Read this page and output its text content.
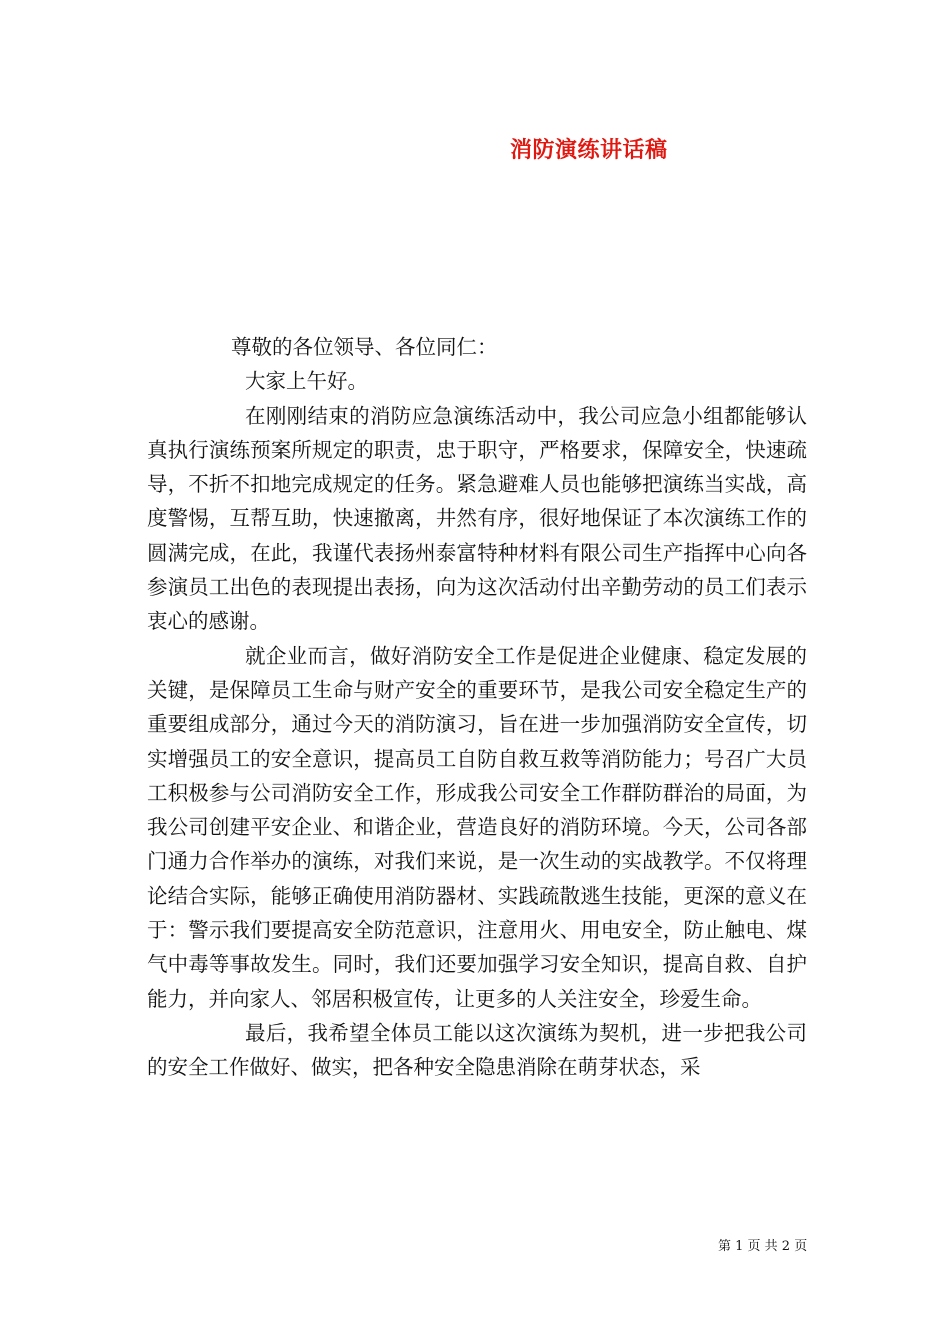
消防演练讲话稿

尊敬的各位领导、各位同仁：

大家上午好。

在刚刚结束的消防应急演练活动中，我公司应急小组都能够认真执行演练预案所规定的职责，忠于职守，严格要求，保障安全，快速疏导，不折不扣地完成规定的任务。紧急避难人员也能够把演练当实战，高度警惕，互帮互助，快速撤离，井然有序，很好地保证了本次演练工作的圆满完成，在此，我谨代表扬州泰富特种材料有限公司生产指挥中心向各参演员工出色的表现提出表扬，向为这次活动付出辛勤劳动的员工们表示衷心的感谢。

就企业而言，做好消防安全工作是促进企业健康、稳定发展的关键，是保障员工生命与财产安全的重要环节，是我公司安全稳定生产的重要组成部分，通过今天的消防演习，旨在进一步加强消防安全宣传，切实增强员工的安全意识，提高员工自防自救互救等消防能力；号召广大员工积极参与公司消防安全工作，形成我公司安全工作群防群治的局面，为我公司创建平安企业、和谐企业，营造良好的消防环境。今天，公司各部门通力合作举办的演练，对我们来说，是一次生动的实战教学。不仅将理论结合实际，能够正确使用消防器材、实践疏散逃生技能，更深的意义在于：警示我们要提高安全防范意识，注意用火、用电安全，防止触电、煤气中毒等事故发生。同时，我们还要加强学习安全知识，提高自救、自护能力，并向家人、邻居积极宣传，让更多的人关注安全，珍爱生命。

最后，我希望全体员工能以这次演练为契机，进一步把我公司的安全工作做好、做实，把各种安全隐患消除在萌芽状态，采

第 1 页 共 2 页
